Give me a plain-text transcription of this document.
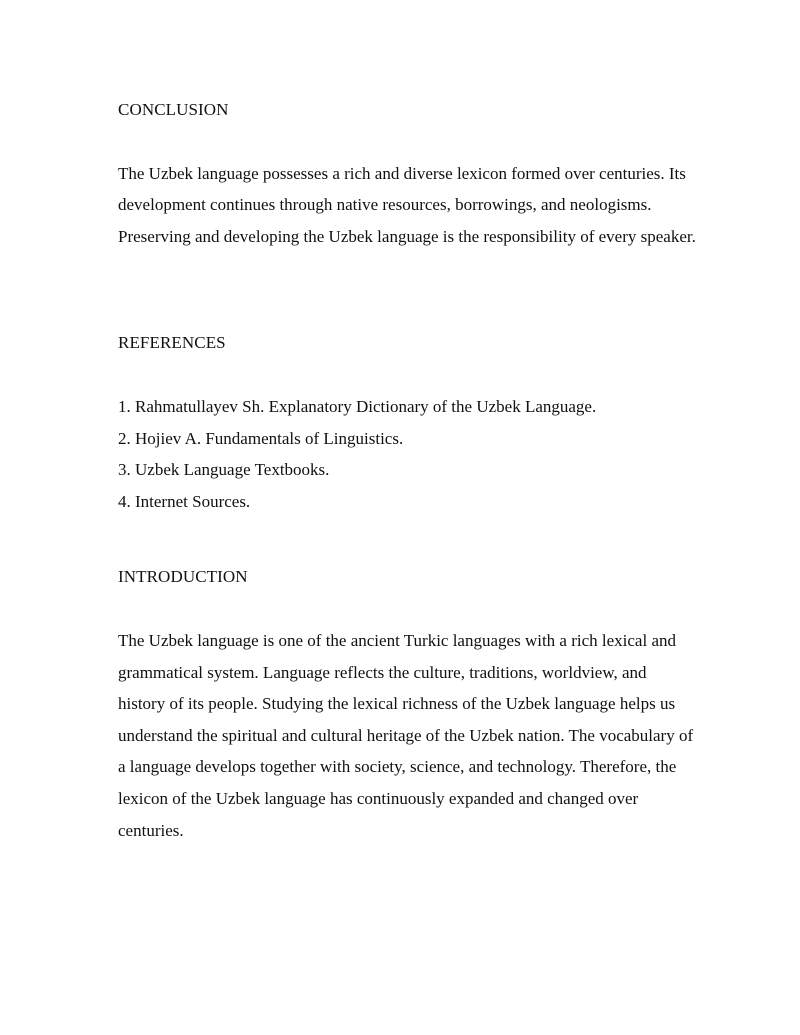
CONCLUSION

The Uzbek language possesses a rich and diverse lexicon formed over centuries. Its development continues through native resources, borrowings, and neologisms. Preserving and developing the Uzbek language is the responsibility of every speaker.

REFERENCES
1. Rahmatullayev Sh. Explanatory Dictionary of the Uzbek Language.
2. Hojiev A. Fundamentals of Linguistics.
3. Uzbek Language Textbooks.
4. Internet Sources.
INTRODUCTION

The Uzbek language is one of the ancient Turkic languages with a rich lexical and grammatical system. Language reflects the culture, traditions, worldview, and history of its people. Studying the lexical richness of the Uzbek language helps us understand the spiritual and cultural heritage of the Uzbek nation. The vocabulary of a language develops together with society, science, and technology. Therefore, the lexicon of the Uzbek language has continuously expanded and changed over centuries.
